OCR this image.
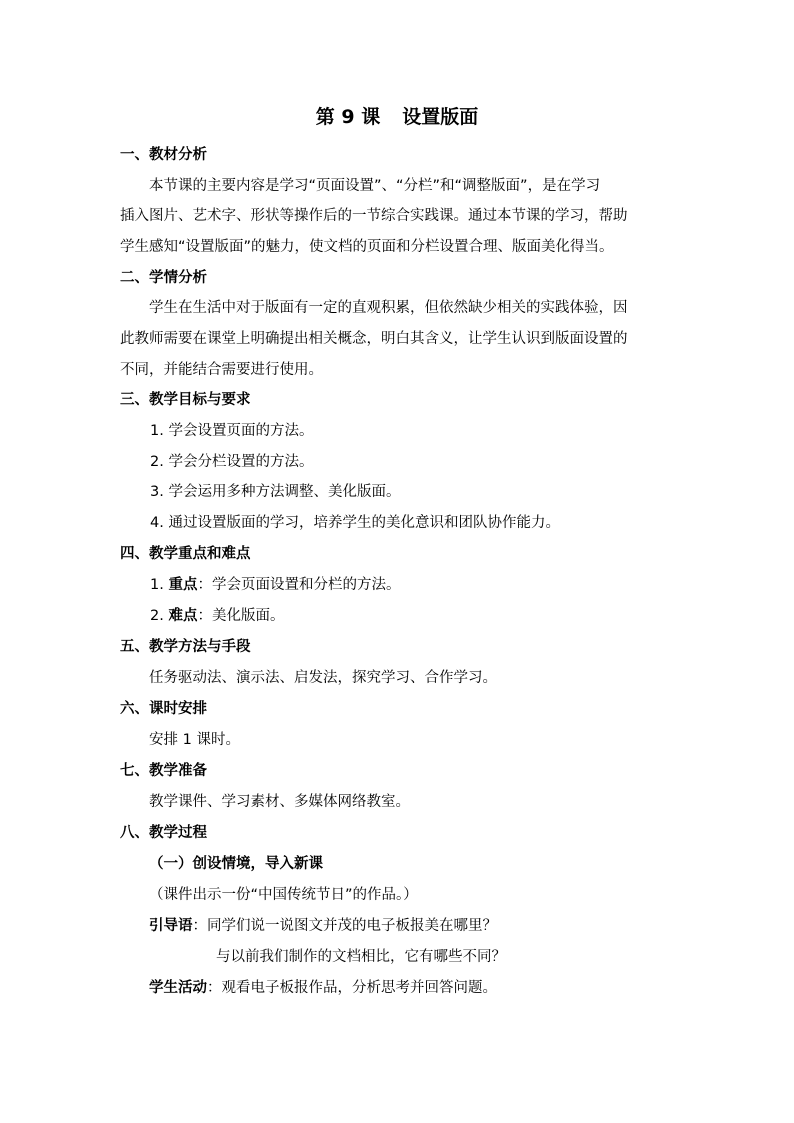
第 9 课 设置版面
一、教材分析
本节课的主要内容是学习“页面设置”、“分栏”和“调整版面”，是在学习
插入图片、艺术字、形状等操作后的一节综合实践课。通过本节课的学习，帮助
学生感知“设置版面”的魅力，使文档的页面和分栏设置合理、版面美化得当。
二、学情分析
学生在生活中对于版面有一定的直观积累，但依然缺少相关的实践体验，因
此教师需要在课堂上明确提出相关概念，明白其含义，让学生认识到版面设置的
不同，并能结合需要进行使用。
三、教学目标与要求
1. 学会设置页面的方法。
2. 学会分栏设置的方法。
3. 学会运用多种方法调整、美化版面。
4. 通过设置版面的学习，培养学生的美化意识和团队协作能力。
四、教学重点和难点
1. 重点：学会页面设置和分栏的方法。
2. 难点：美化版面。
五、教学方法与手段
任务驱动法、演示法、启发法，探究学习、合作学习。
六、课时安排
安排 1 课时。
七、教学准备
教学课件、学习素材、多媒体网络教室。
八、教学过程
（一）创设情境，导入新课
（课件出示一份“中国传统节日”的作品。）
引导语：同学们说一说图文并茂的电子板报美在哪里？
与以前我们制作的文档相比，它有哪些不同？
学生活动：观看电子板报作品，分析思考并回答问题。
